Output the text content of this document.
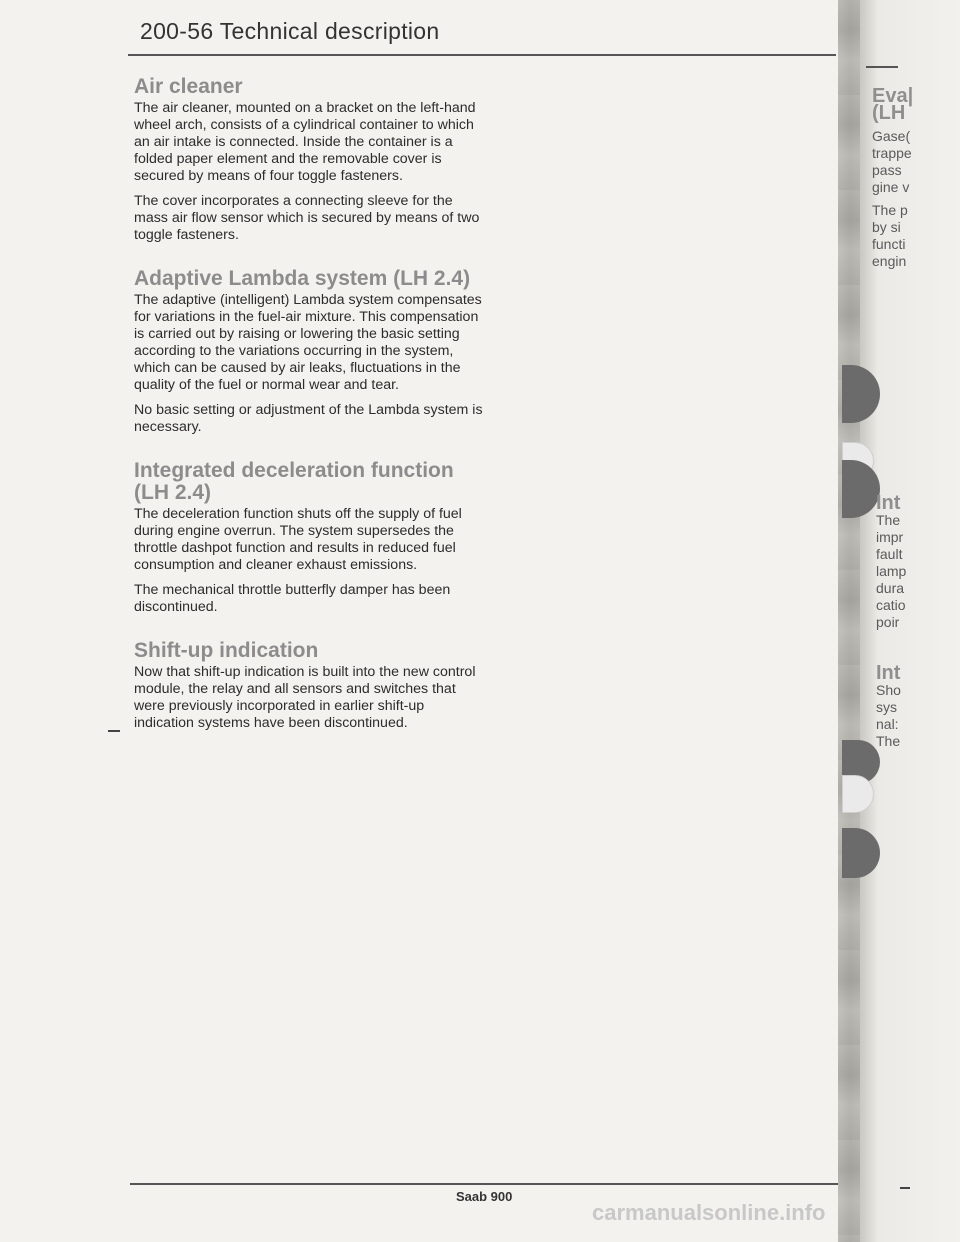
200-56 Technical description
Air cleaner

The air cleaner, mounted on a bracket on the left-hand wheel arch, consists of a cylindrical container to which an air intake is connected. Inside the container is a folded paper element and the removable cover is secured by means of four toggle fasteners.

The cover incorporates a connecting sleeve for the mass air flow sensor which is secured by means of two toggle fasteners.

Adaptive Lambda system (LH 2.4)

The adaptive (intelligent) Lambda system compensates for variations in the fuel-air mixture. This compensation is carried out by raising or lowering the basic setting according to the variations occurring in the system, which can be caused by air leaks, fluctuations in the quality of the fuel or normal wear and tear.

No basic setting or adjustment of the Lambda system is necessary.

Integrated deceleration function (LH 2.4)

The deceleration function shuts off the supply of fuel during engine overrun. The system supersedes the throttle dashpot function and results in reduced fuel consumption and cleaner exhaust emissions.

The mechanical throttle butterfly damper has been discontinued.

Shift-up indication

Now that shift-up indication is built into the new control module, the relay and all sensors and switches that were previously incorporated in earlier shift-up indication systems have been discontinued.

Eva|
(LH
Gase(
trappe
pass
gine v
The p
by si
functi
engin
Int
The
impr
fault
lamp
dura
catio
poir
Int
Sho
sys
nal:
The
Saab 900
carmanualsonline.info
